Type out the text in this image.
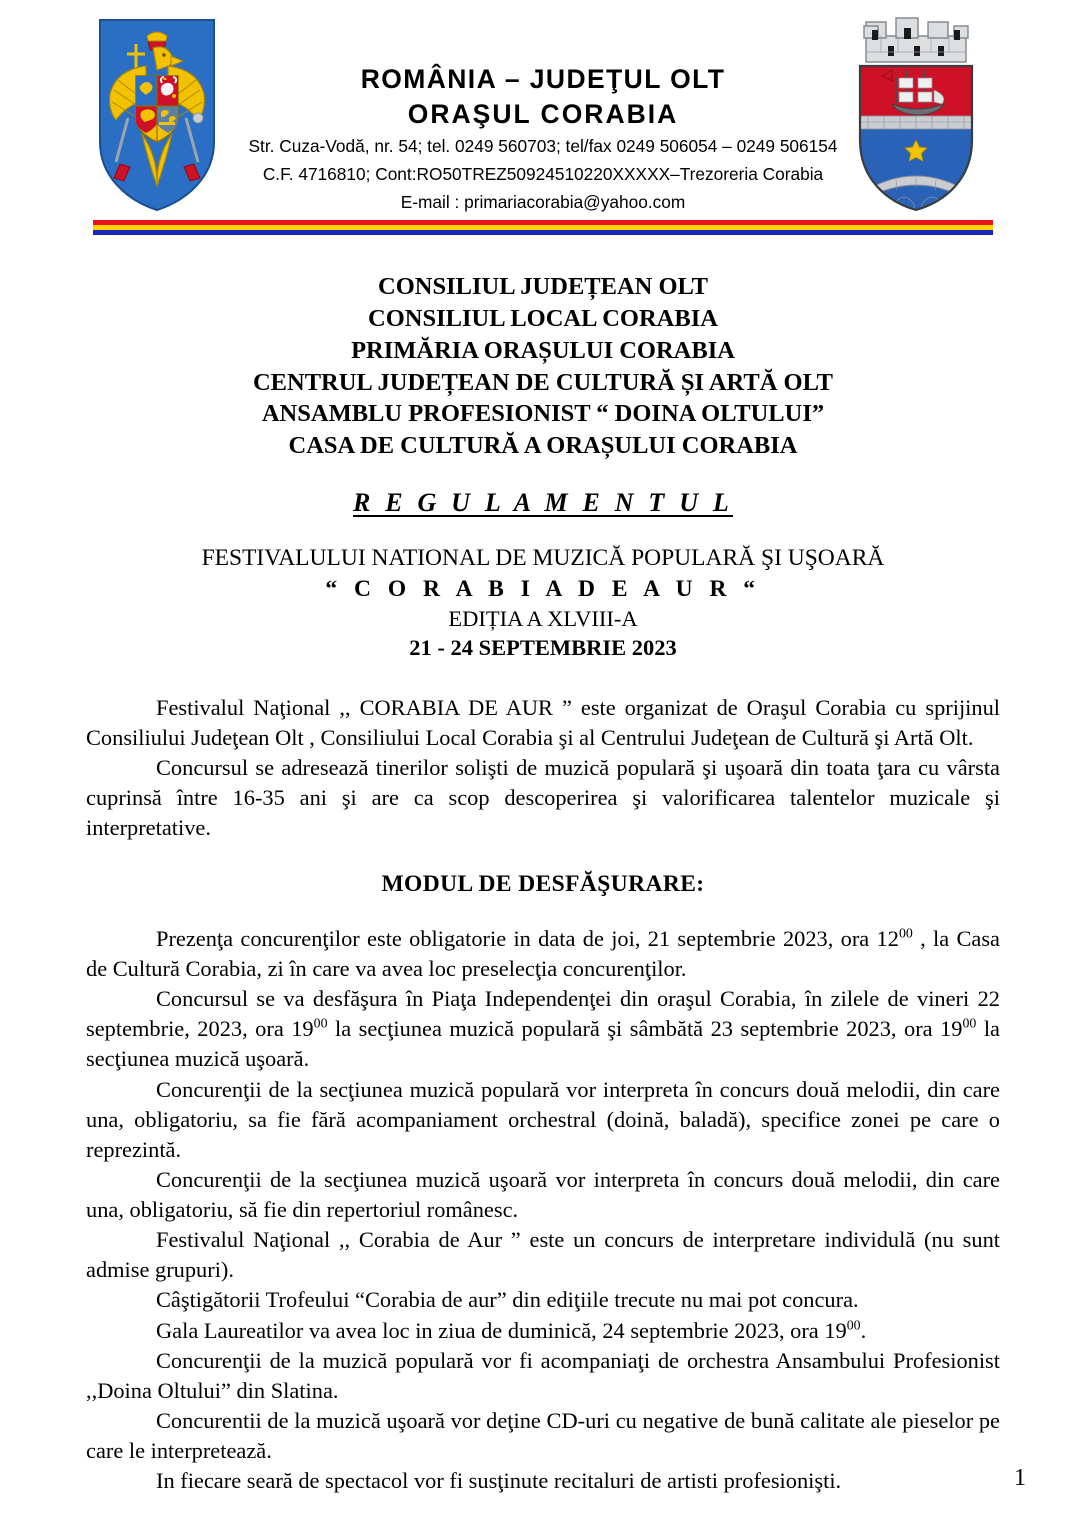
ROMÂNIA – JUDEŢUL OLT
ORAŞUL CORABIA
Str. Cuza-Vodă, nr. 54; tel. 0249 560703; tel/fax 0249 506054 – 0249 506154
C.F. 4716810; Cont:RO50TREZ50924510220XXXXX–Trezoreria Corabia
E-mail : primariacorabia@yahoo.com
CONSILIUL JUDEȚEAN OLT
CONSILIUL LOCAL CORABIA
PRIMĂRIA ORAȘULUI CORABIA
CENTRUL JUDEȚEAN DE CULTURĂ ȘI ARTĂ OLT
ANSAMBLU PROFESIONIST “ DOINA OLTULUI”
CASA DE CULTURĂ A ORAȘULUI CORABIA
R E G U L A M E N T U L
FESTIVALULUI NATIONAL DE MUZICĂ POPULARĂ ŞI UŞOARĂ
“ C O R A B I A D E A U R “
EDIȚIA A XLVIII-A
21 - 24 SEPTEMBRIE 2023

Festivalul Naţional ,, CORABIA DE AUR ” este organizat de Oraşul Corabia cu sprijinul Consiliului Judeţean Olt , Consiliului Local Corabia şi al Centrului Judeţean de Cultură şi Artă Olt.

Concursul se adresează tinerilor solişti de muzică populară şi uşoară din toata ţara cu vârsta cuprinsă între 16-35 ani şi are ca scop descoperirea şi valorificarea talentelor muzicale şi interpretative.

MODUL DE DESFĂŞURARE:

Prezenţa concurenţilor este obligatorie in data de joi, 21 septembrie 2023, ora $12^{00}$ , la Casa de Cultură Corabia, zi în care va avea loc preselecţia concurenţilor.

Concursul se va desfăşura în Piaţa Independenţei din oraşul Corabia, în zilele de vineri 22 septembrie, 2023, ora $19^{00}$ la secţiunea muzică populară şi sâmbătă 23 septembrie 2023, ora $19^{00}$ la secţiunea muzică uşoară.

Concurenţii de la secţiunea muzică populară vor interpreta în concurs două melodii, din care una, obligatoriu, sa fie fără acompaniament orchestral (doină, baladă), specifice zonei pe care o reprezintă.

Concurenţii de la secţiunea muzică uşoară vor interpreta în concurs două melodii, din care una, obligatoriu, să fie din repertoriul românesc.

Festivalul Naţional ,, Corabia de Aur ” este un concurs de interpretare individulă (nu sunt admise grupuri).

Câştigătorii Trofeului “Corabia de aur” din ediţiile trecute nu mai pot concura.

Gala Laureatilor va avea loc in ziua de duminică, 24 septembrie 2023, ora $19^{00}$.

Concurenţii de la muzică populară vor fi acompaniaţi de orchestra Ansambului Profesionist ,,Doina Oltului” din Slatina.

Concurentii de la muzică uşoară vor deţine CD-uri cu negative de bună calitate ale pieselor pe care le interpretează.

In fiecare seară de spectacol vor fi susţinute recitaluri de artisti profesionişti.	1
